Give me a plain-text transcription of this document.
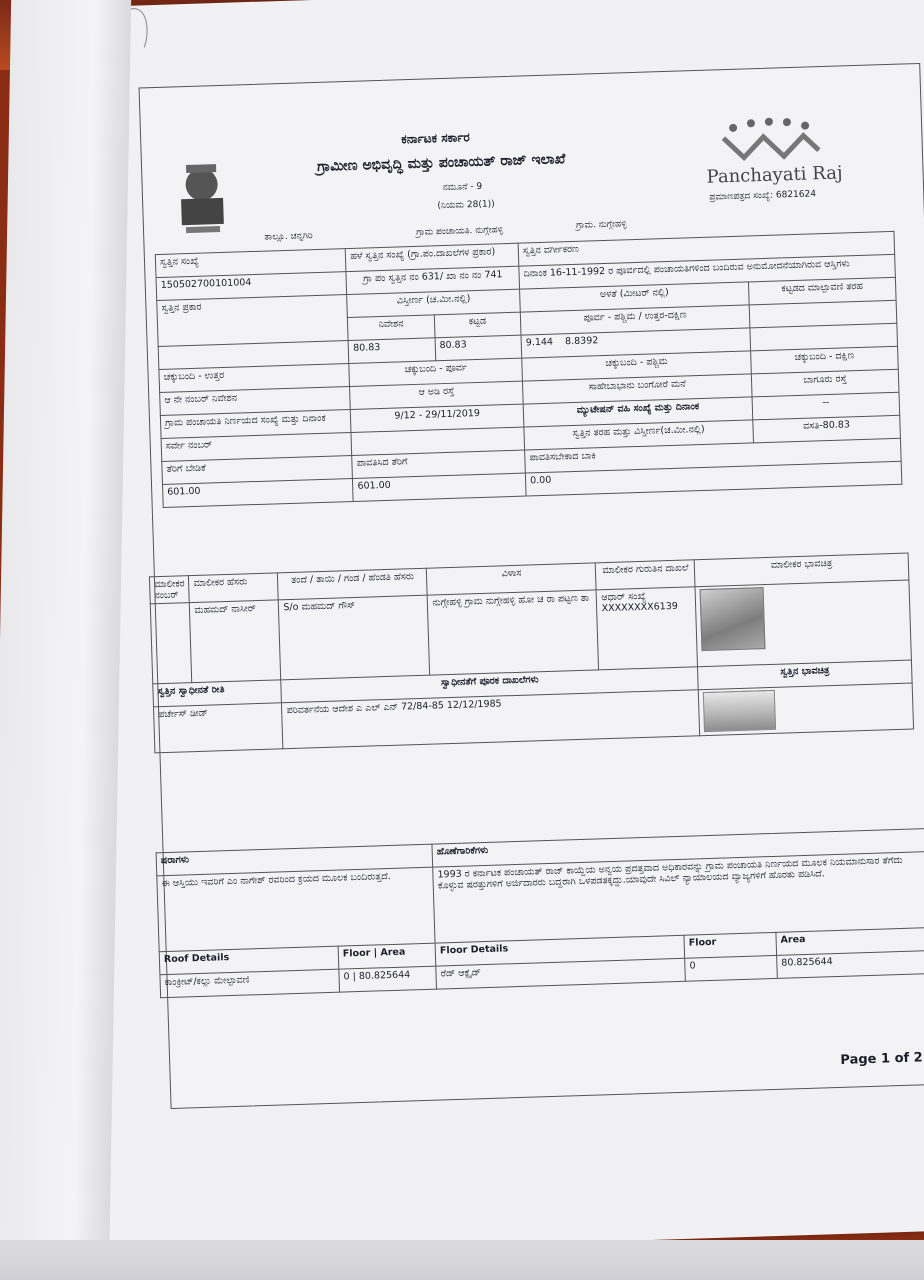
ಕರ್ನಾಟಕ ಸರ್ಕಾರ
ಗ್ರಾಮೀಣ ಅಭಿವೃದ್ಧಿ ಮತ್ತು ಪಂಚಾಯತ್ ರಾಜ್ ಇಲಾಖೆ
ನಮೂನೆ - 9
(ನಿಯಮ 28(1))
ತಾಲ್ಲೂ. ಚನ್ನಗಿರಿ	ಗ್ರಾಮ ಪಂಚಾಯತಿ. ನುಗ್ಗೇಹಳ್ಳಿ
ಗ್ರಾಮ. ನುಗ್ಗೇಹಳ್ಳಿ
Panchayati Raj
ಪ್ರಮಾಣಪತ್ರದ ಸಂಖ್ಯೆ: 6821624
ಸ್ವತ್ತಿನ ಸಂಖ್ಯೆ	ಹಳೆ ಸ್ವತ್ತಿನ ಸಂಖ್ಯೆ (ಗ್ರಾ.ಪಂ.ದಾಖಲೆಗಳ ಪ್ರಕಾರ)		ಸ್ವತ್ತಿನ ವರ್ಗೀಕರಣ	
150502700101004	ಗ್ರಾ ಪಂ ಸ್ವತ್ತಿನ ನಂ 631/ ಖಾ ನಂ ನಂ 741		ದಿನಾಂಕ 16-11-1992 ರ ಪೂರ್ವದಲ್ಲಿ ಪಂಚಾಯತಿಗಳಿಂದ ಬಂದಿರುವ ಅನುಮೋದನೆಯಾಗಿರುವ ಆಸ್ತಿಗಳು	
ಸ್ವತ್ತಿನ ಪ್ರಕಾರ	ವಿಸ್ತೀರ್ಣ (ಚ.ಮೀ.ನಲ್ಲಿ)		ಅಳತೆ (ಮೀಟರ್ ನಲ್ಲಿ)	ಕಟ್ಟಡದ ಮಾಲ್ಪಾವಣಿ ತರಹ
	ನಿವೇಶನ	ಕಟ್ಟಡ	ಪೂರ್ವ - ಪಶ್ಚಿಮ / ಉತ್ತರ-ದಕ್ಷಿಣ	
	80.83	80.83	9.144 8.8392	
ಚಕ್ಕುಬಂದಿ - ಉತ್ತರ	ಚಕ್ಕುಬಂದಿ - ಪೂರ್ವ		ಚಕ್ಕುಬಂದಿ - ಪಶ್ಚಿಮ	ಚಕ್ಕುಬಂದಿ - ದಕ್ಷಿಣ
ಆ ನೇ ನಂಬರ್ ನಿವೇಶನ	ಆ ಅಡಿ ರಸ್ತೆ		ಸಾಹೇಬಾಭಾನು ಬಂಗೋರೆ ಮನೆ	ಬಾಗೂರು ರಸ್ತೆ
ಗ್ರಾಮ ಪಂಚಾಯತಿ ನಿರ್ಣಯದ ಸಂಖ್ಯೆ ಮತ್ತು ದಿನಾಂಕ	9/12 - 29/11/2019		ಮ್ಯುಟೇಷನ್ ವಹಿ ಸಂಖ್ಯೆ ಮತ್ತು ದಿನಾಂಕ	--
ಸರ್ವೇ ನಂಬರ್			ಸ್ವತ್ತಿನ ತರಹ ಮತ್ತು ವಿಸ್ತೀರ್ಣ(ಚ.ಮೀ.ನಲ್ಲಿ)	ವಸತಿ-80.83
ತೆರಿಗೆ ಬೇಡಿಕೆ	ಪಾವತಿಸಿದ ತೆರಿಗೆ		ಪಾವತಿಸಬೇಕಾದ ಬಾಕಿ	
601.00	601.00		0.00	
ಮಾಲೀಕರ ನಂಬರ್	ಮಾಲೀಕರ ಹೆಸರು	ತಂದೆ / ತಾಯಿ / ಗಂಡ / ಹೆಂಡತಿ ಹೆಸರು	ವಿಳಾಸ	ಮಾಲೀಕರ ಗುರುತಿನ ದಾಖಲೆ	ಮಾಲೀಕರ ಭಾವಚಿತ್ರ
	ಮಹಮದ್ ನಾಸೀರ್	S/o ಮಹಮದ್ ಗೌಸ್	ನುಗ್ಗೇಹಳ್ಳಿ ಗ್ರಾಮ ನುಗ್ಗೇಹಳ್ಳಿ ಹೋ ಚ ರಾ ಪಟ್ಟಣ ತಾ	ಆಧಾರ್ ಸಂಖ್ಯೆ XXXXXXXX6139	

ಸ್ವತ್ತಿನ ಸ್ವಾಧೀನತೆ ರೀತಿ		ಸ್ವಾಧೀನತೆಗೆ ಪೂರಕ ದಾಖಲೆಗಳು			ಸ್ವತ್ತಿನ ಭಾವಚಿತ್ರ
ಪರ್ಚೇಸ್ ಡೀಡ್		ಪರಿವರ್ತನೆಯ ಆದೇಶ ಎ ಎಲ್ ಎನ್ 72/84-85 12/12/1985			
ಷರಾಗಳು		ಹೊಣೆಗಾರಿಕೆಗಳು		
ಈ ಆಸ್ತಿಯು ಇವರಿಗೆ ಎಂ ನಾಗೇಶ್ ರವರಿಂದ ಕ್ರಯದ ಮೂಲಕ ಬಂದಿರುತ್ತದೆ.		1993 ರ ಕರ್ನಾಟಕ ಪಂಚಾಯತ್ ರಾಜ್ ಕಾಯ್ದೆಯ ಅನ್ವಯ ಪ್ರದತ್ತವಾದ ಅಧಿಕಾರವನ್ನು ಗ್ರಾಮ ಪಂಚಾಯತಿ ನಿರ್ಣಯದ ಮೂಲಕ ನಿಯಮಾನುಸಾರ ತೆಗೆದು ಕೊಳ್ಳುವ ಷರತ್ತುಗಳಿಗೆ ಅರ್ಜಿದಾರರು ಬದ್ದರಾಗಿ ಒಳಪಡತಕ್ಕದ್ದು.ಯಾವುದೇ ಸಿವಿಲ್ ನ್ಯಾಯಾಲಯದ ವ್ಯಾಜ್ಯಗಳಿಗೆ ಹೊರತು ಪಡಿಸಿದೆ.		
Roof Details	Floor | Area	Floor Details	Floor	Area
ಕಾಂಕ್ರೀಟ್/ಕಲ್ಲು ಮೇಲ್ಪಾವಣಿ	0 | 80.825644	ರೆಡ್ ಆಕ್ಸೈಡ್	0	80.825644
Page 1 of 2
